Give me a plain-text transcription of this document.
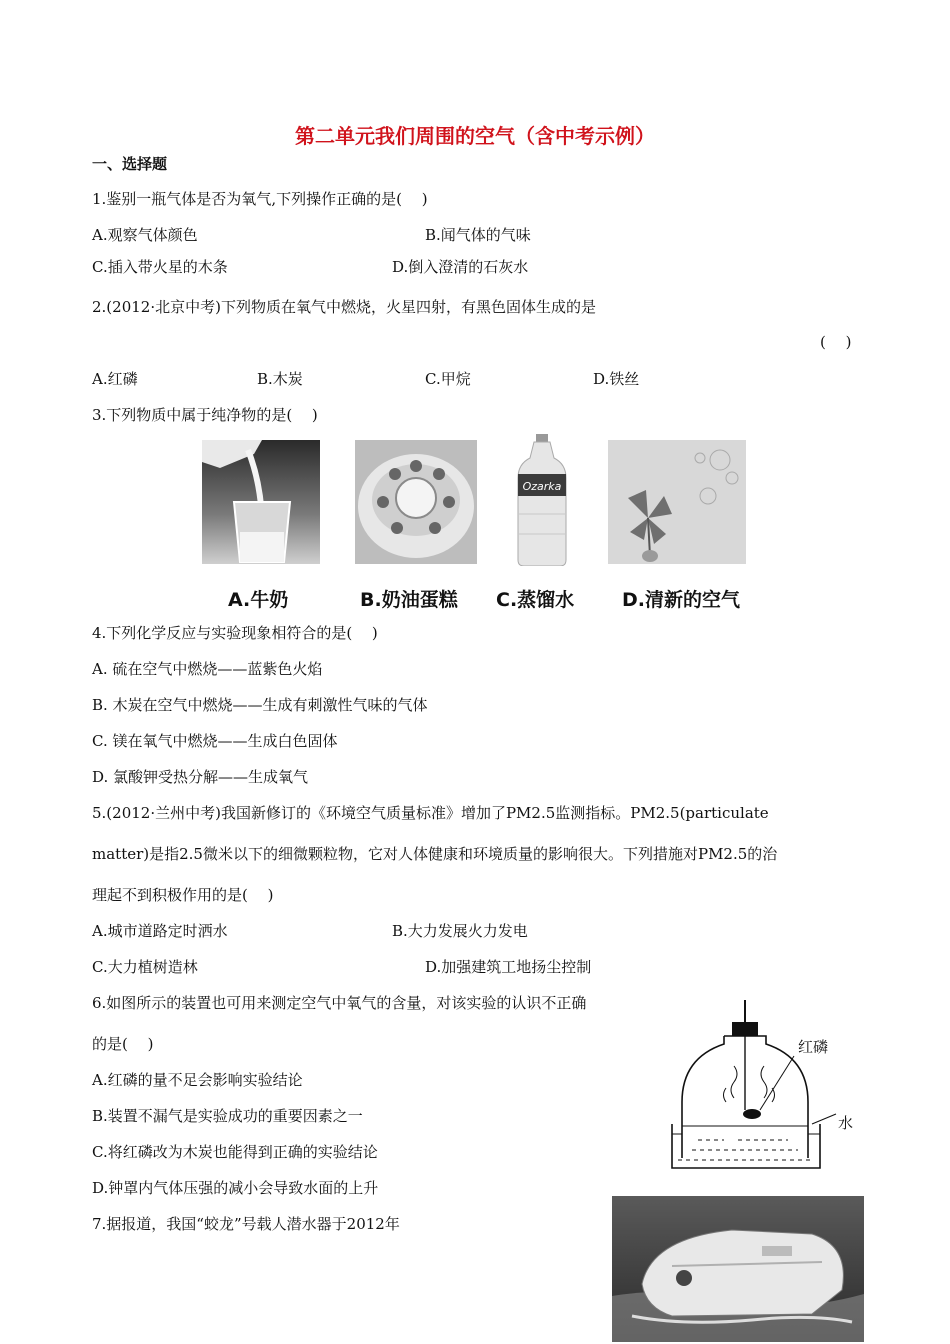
第二单元我们周围的空气（含中考示例）
一、选择题
1.鉴别一瓶气体是否为氧气,下列操作正确的是(　 )
A.观察气体颜色	B.闻气体的气味
C.插入带火星的木条	D.倒入澄清的石灰水
2.(2012·北京中考)下列物质在氧气中燃烧，火星四射，有黑色固体生成的是
(　 )
A.红磷	B.木炭	C.甲烷	D.铁丝
3.下列物质中属于纯净物的是(　 )
Ozarka
A.牛奶	B.奶油蛋糕 C.蒸馏水	D.清新的空气
4.下列化学反应与实验现象相符合的是(　 )
A. 硫在空气中燃烧——蓝紫色火焰
B. 木炭在空气中燃烧——生成有刺激性气味的气体
C. 镁在氧气中燃烧——生成白色固体
D. 氯酸钾受热分解——生成氧气
5.(2012·兰州中考)我国新修订的《环境空气质量标准》增加了PM2.5监测指标。PM2.5(particulate
matter)是指2.5微米以下的细微颗粒物，它对人体健康和环境质量的影响很大。下列措施对PM2.5的治
理起不到积极作用的是(　 )
A.城市道路定时洒水	B.大力发展火力发电
C.大力植树造林	D.加强建筑工地扬尘控制
6.如图所示的装置也可用来测定空气中氧气的含量，对该实验的认识不正确
的是(　 )
A.红磷的量不足会影响实验结论
B.装置不漏气是实验成功的重要因素之一
C.将红磷改为木炭也能得到正确的实验结论
D.钟罩内气体压强的减小会导致水面的上升
红磷
水
7.据报道，我国“蛟龙”号载人潜水器于2012年
